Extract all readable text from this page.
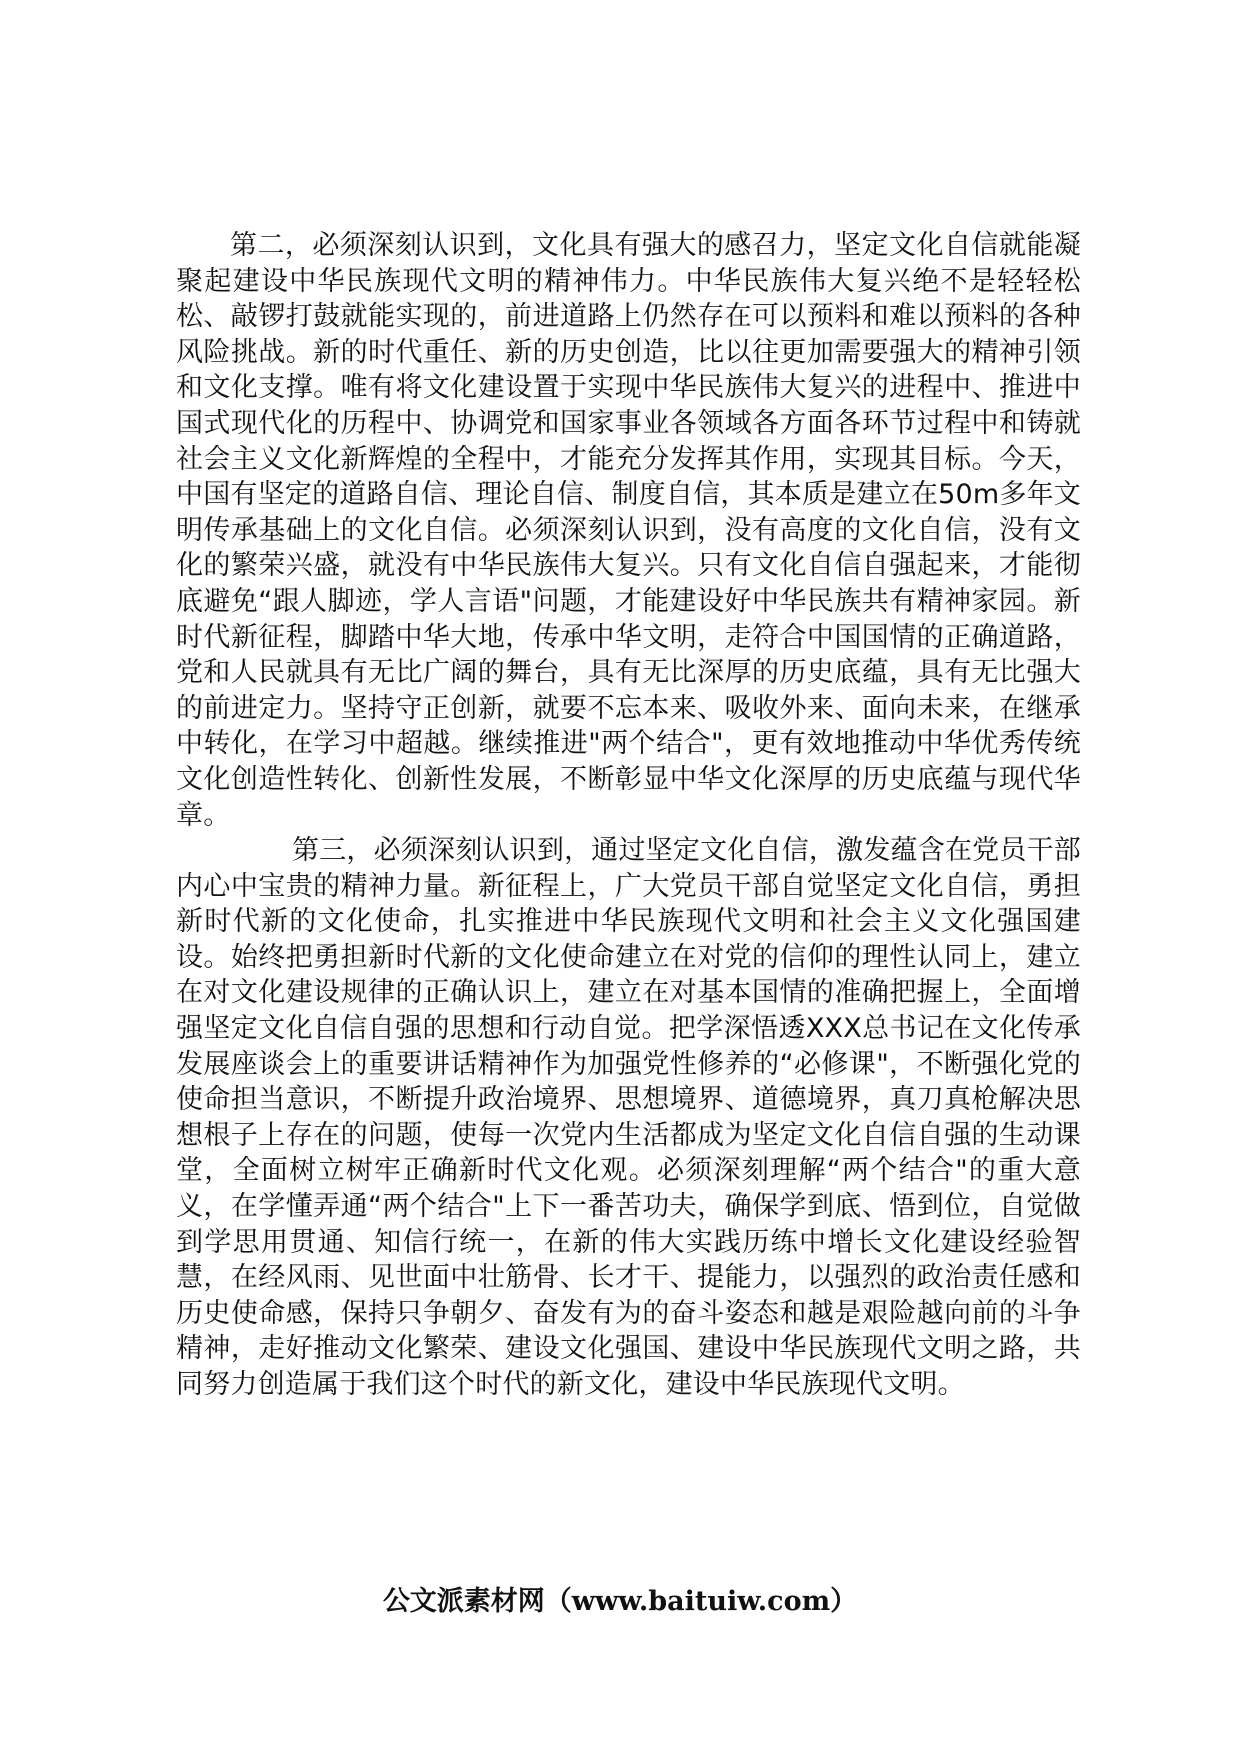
第二，必须深刻认识到，文化具有强大的感召力，坚定文化自信就能凝聚起建设中华民族现代文明的精神伟力。中华民族伟大复兴绝不是轻轻松松、敲锣打鼓就能实现的，前进道路上仍然存在可以预料和难以预料的各种风险挑战。新的时代重任、新的历史创造，比以往更加需要强大的精神引领和文化支撑。唯有将文化建设置于实现中华民族伟大复兴的进程中、推进中国式现代化的历程中、协调党和国家事业各领域各方面各环节过程中和铸就社会主义文化新辉煌的全程中，才能充分发挥其作用，实现其目标。今天，中国有坚定的道路自信、理论自信、制度自信，其本质是建立在50m多年文明传承基础上的文化自信。必须深刻认识到，没有高度的文化自信，没有文化的繁荣兴盛，就没有中华民族伟大复兴。只有文化自信自强起来，才能彻底避免“跟人脚迹，学人言语"问题，才能建设好中华民族共有精神家园。新时代新征程，脚踏中华大地，传承中华文明，走符合中国国情的正确道路，党和人民就具有无比广阔的舞台，具有无比深厚的历史底蕴，具有无比强大的前进定力。坚持守正创新，就要不忘本来、吸收外来、面向未来，在继承中转化，在学习中超越。继续推进"两个结合"，更有效地推动中华优秀传统文化创造性转化、创新性发展，不断彰显中华文化深厚的历史底蕴与现代华章。

第三，必须深刻认识到，通过坚定文化自信，激发蕴含在党员干部内心中宝贵的精神力量。新征程上，广大党员干部自觉坚定文化自信，勇担新时代新的文化使命，扎实推进中华民族现代文明和社会主义文化强国建设。始终把勇担新时代新的文化使命建立在对党的信仰的理性认同上，建立在对文化建设规律的正确认识上，建立在对基本国情的准确把握上，全面增强坚定文化自信自强的思想和行动自觉。把学深悟透XXX总书记在文化传承发展座谈会上的重要讲话精神作为加强党性修养的“必修课"，不断强化党的使命担当意识，不断提升政治境界、思想境界、道德境界，真刀真枪解决思想根子上存在的问题，使每一次党内生活都成为坚定文化自信自强的生动课堂，全面树立树牢正确新时代文化观。必须深刻理解“两个结合"的重大意义，在学懂弄通“两个结合"上下一番苦功夫，确保学到底、悟到位，自觉做到学思用贯通、知信行统一，在新的伟大实践历练中增长文化建设经验智慧，在经风雨、见世面中壮筋骨、长才干、提能力，以强烈的政治责任感和历史使命感，保持只争朝夕、奋发有为的奋斗姿态和越是艰险越向前的斗争精神，走好推动文化繁荣、建设文化强国、建设中华民族现代文明之路，共同努力创造属于我们这个时代的新文化，建设中华民族现代文明。

公文派素材网（www.baituiw.com）
